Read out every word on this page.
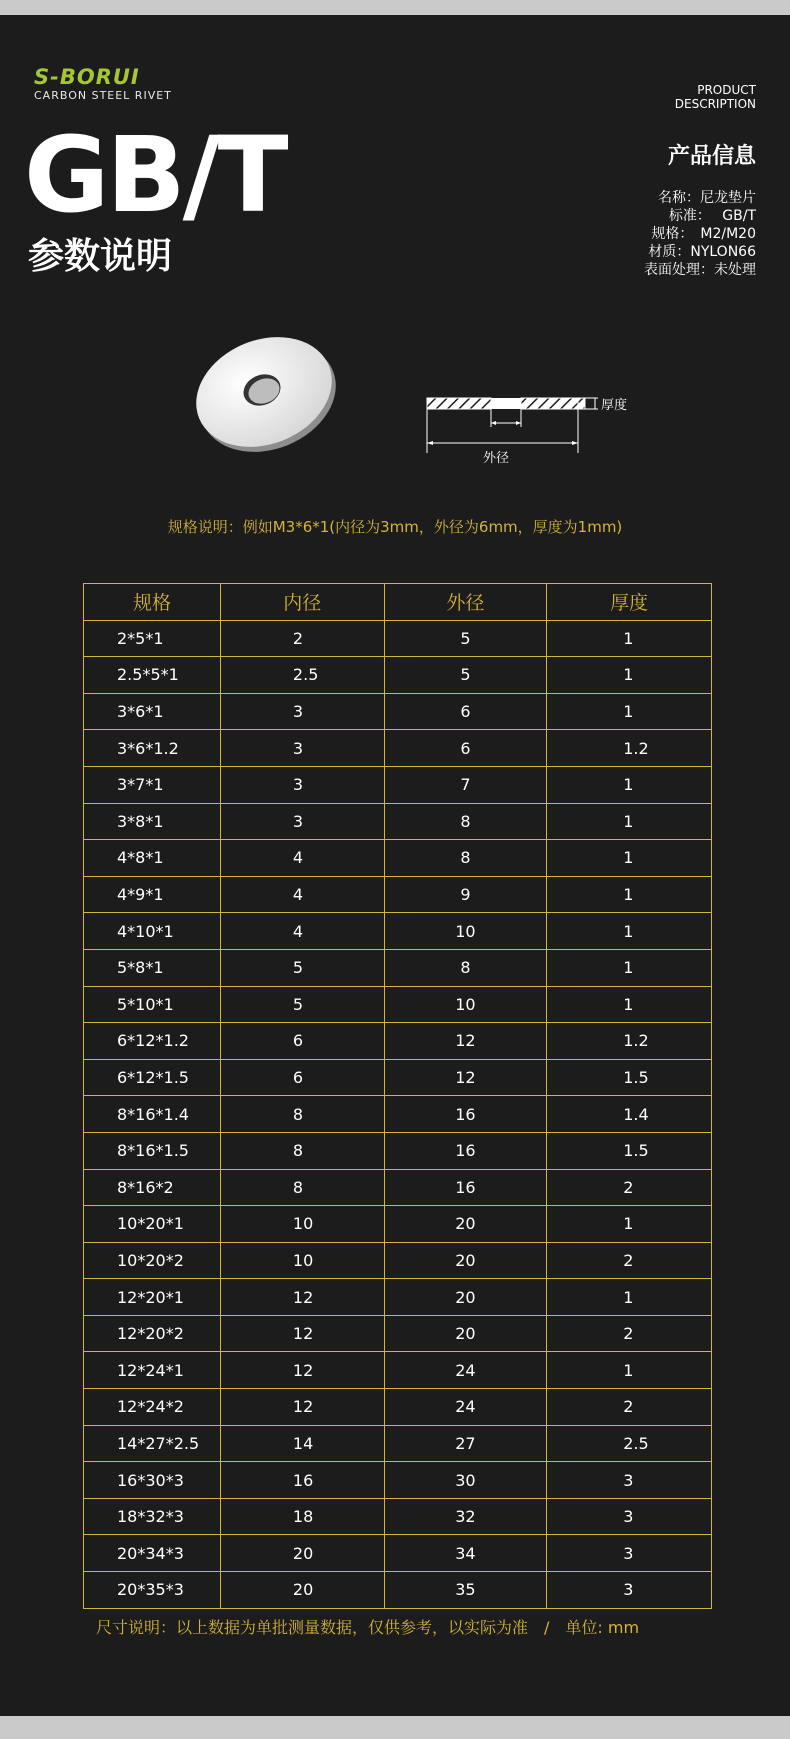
S-BORUI
CARBON STEEL RIVET
GB/T
参数说明
PRODUCT
DESCRIPTION
产品信息
名称：尼龙垫片
标准：　 GB/T
规格：　M2/M20
材质：NYLON66
表面处理：未处理
厚度
内径
外径
规格说明：例如M3*6*1(内径为3mm，外径为6mm，厚度为1mm)
规格	内径	外径	厚度
2*5*1	2	5	1
2.5*5*1	2.5	5	1
3*6*1	3	6	1
3*6*1.2	3	6	1.2
3*7*1	3	7	1
3*8*1	3	8	1
4*8*1	4	8	1
4*9*1	4	9	1
4*10*1	4	10	1
5*8*1	5	8	1
5*10*1	5	10	1
6*12*1.2	6	12	1.2
6*12*1.5	6	12	1.5
8*16*1.4	8	16	1.4
8*16*1.5	8	16	1.5
8*16*2	8	16	2
10*20*1	10	20	1
10*20*2	10	20	2
12*20*1	12	20	1
12*20*2	12	20	2
12*24*1	12	24	1
12*24*2	12	24	2
14*27*2.5	14	27	2.5
16*30*3	16	30	3
18*32*3	18	32	3
20*34*3	20	34	3
20*35*3	20	35	3
尺寸说明：以上数据为单批测量数据，仅供参考，以实际为准　/　单位: mm
